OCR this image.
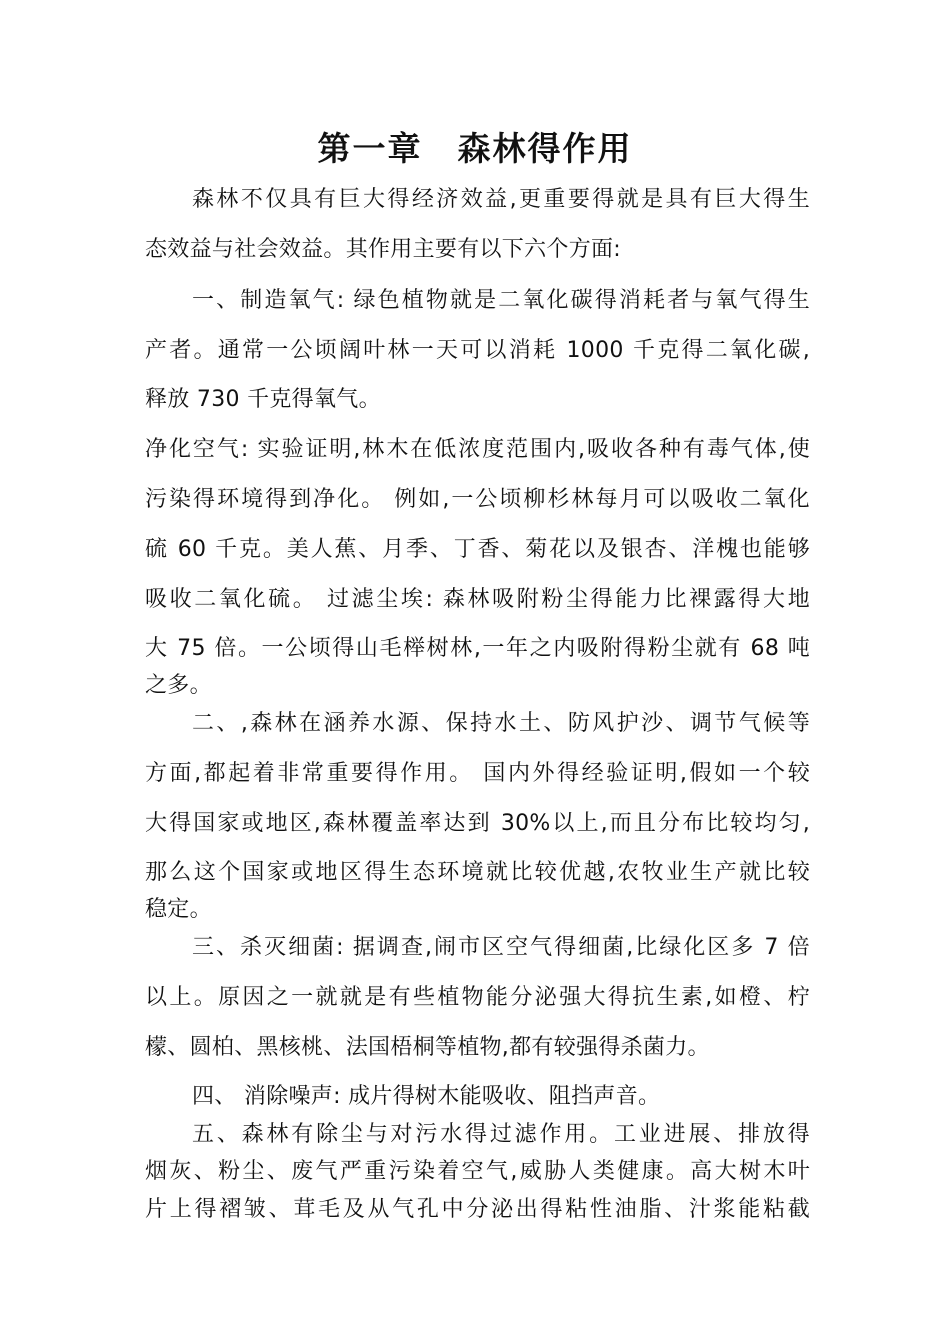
第一章　森林得作用

森林不仅具有巨大得经济效益,更重要得就是具有巨大得生

态效益与社会效益。其作用主要有以下六个方面:

一、制造氧气: 绿色植物就是二氧化碳得消耗者与氧气得生

产者。通常一公顷阔叶林一天可以消耗 1000 千克得二氧化碳,

释放 730 千克得氧气。

净化空气: 实验证明,林木在低浓度范围内,吸收各种有毒气体,使

污染得环境得到净化。 例如,一公顷柳杉林每月可以吸收二氧化

硫 60 千克。美人蕉、月季、丁香、菊花以及银杏、洋槐也能够

吸收二氧化硫。 过滤尘埃: 森林吸附粉尘得能力比裸露得大地

大 75 倍。一公顷得山毛榉树林,一年之内吸附得粉尘就有 68 吨

之多。

二、,森林在涵养水源、保持水土、防风护沙、调节气候等

方面,都起着非常重要得作用。 国内外得经验证明,假如一个较

大得国家或地区,森林覆盖率达到 30%以上,而且分布比较均匀,

那么这个国家或地区得生态环境就比较优越,农牧业生产就比较

稳定。

三、杀灭细菌: 据调查,闹市区空气得细菌,比绿化区多 7 倍

以上。原因之一就就是有些植物能分泌强大得抗生素,如橙、柠

檬、圆柏、黑核桃、法国梧桐等植物,都有较强得杀菌力。

四、 消除噪声: 成片得树木能吸收、阻挡声音。

五、森林有除尘与对污水得过滤作用。工业进展、排放得

烟灰、粉尘、废气严重污染着空气,威胁人类健康。高大树木叶

片上得褶皱、茸毛及从气孔中分泌出得粘性油脂、汁浆能粘截
